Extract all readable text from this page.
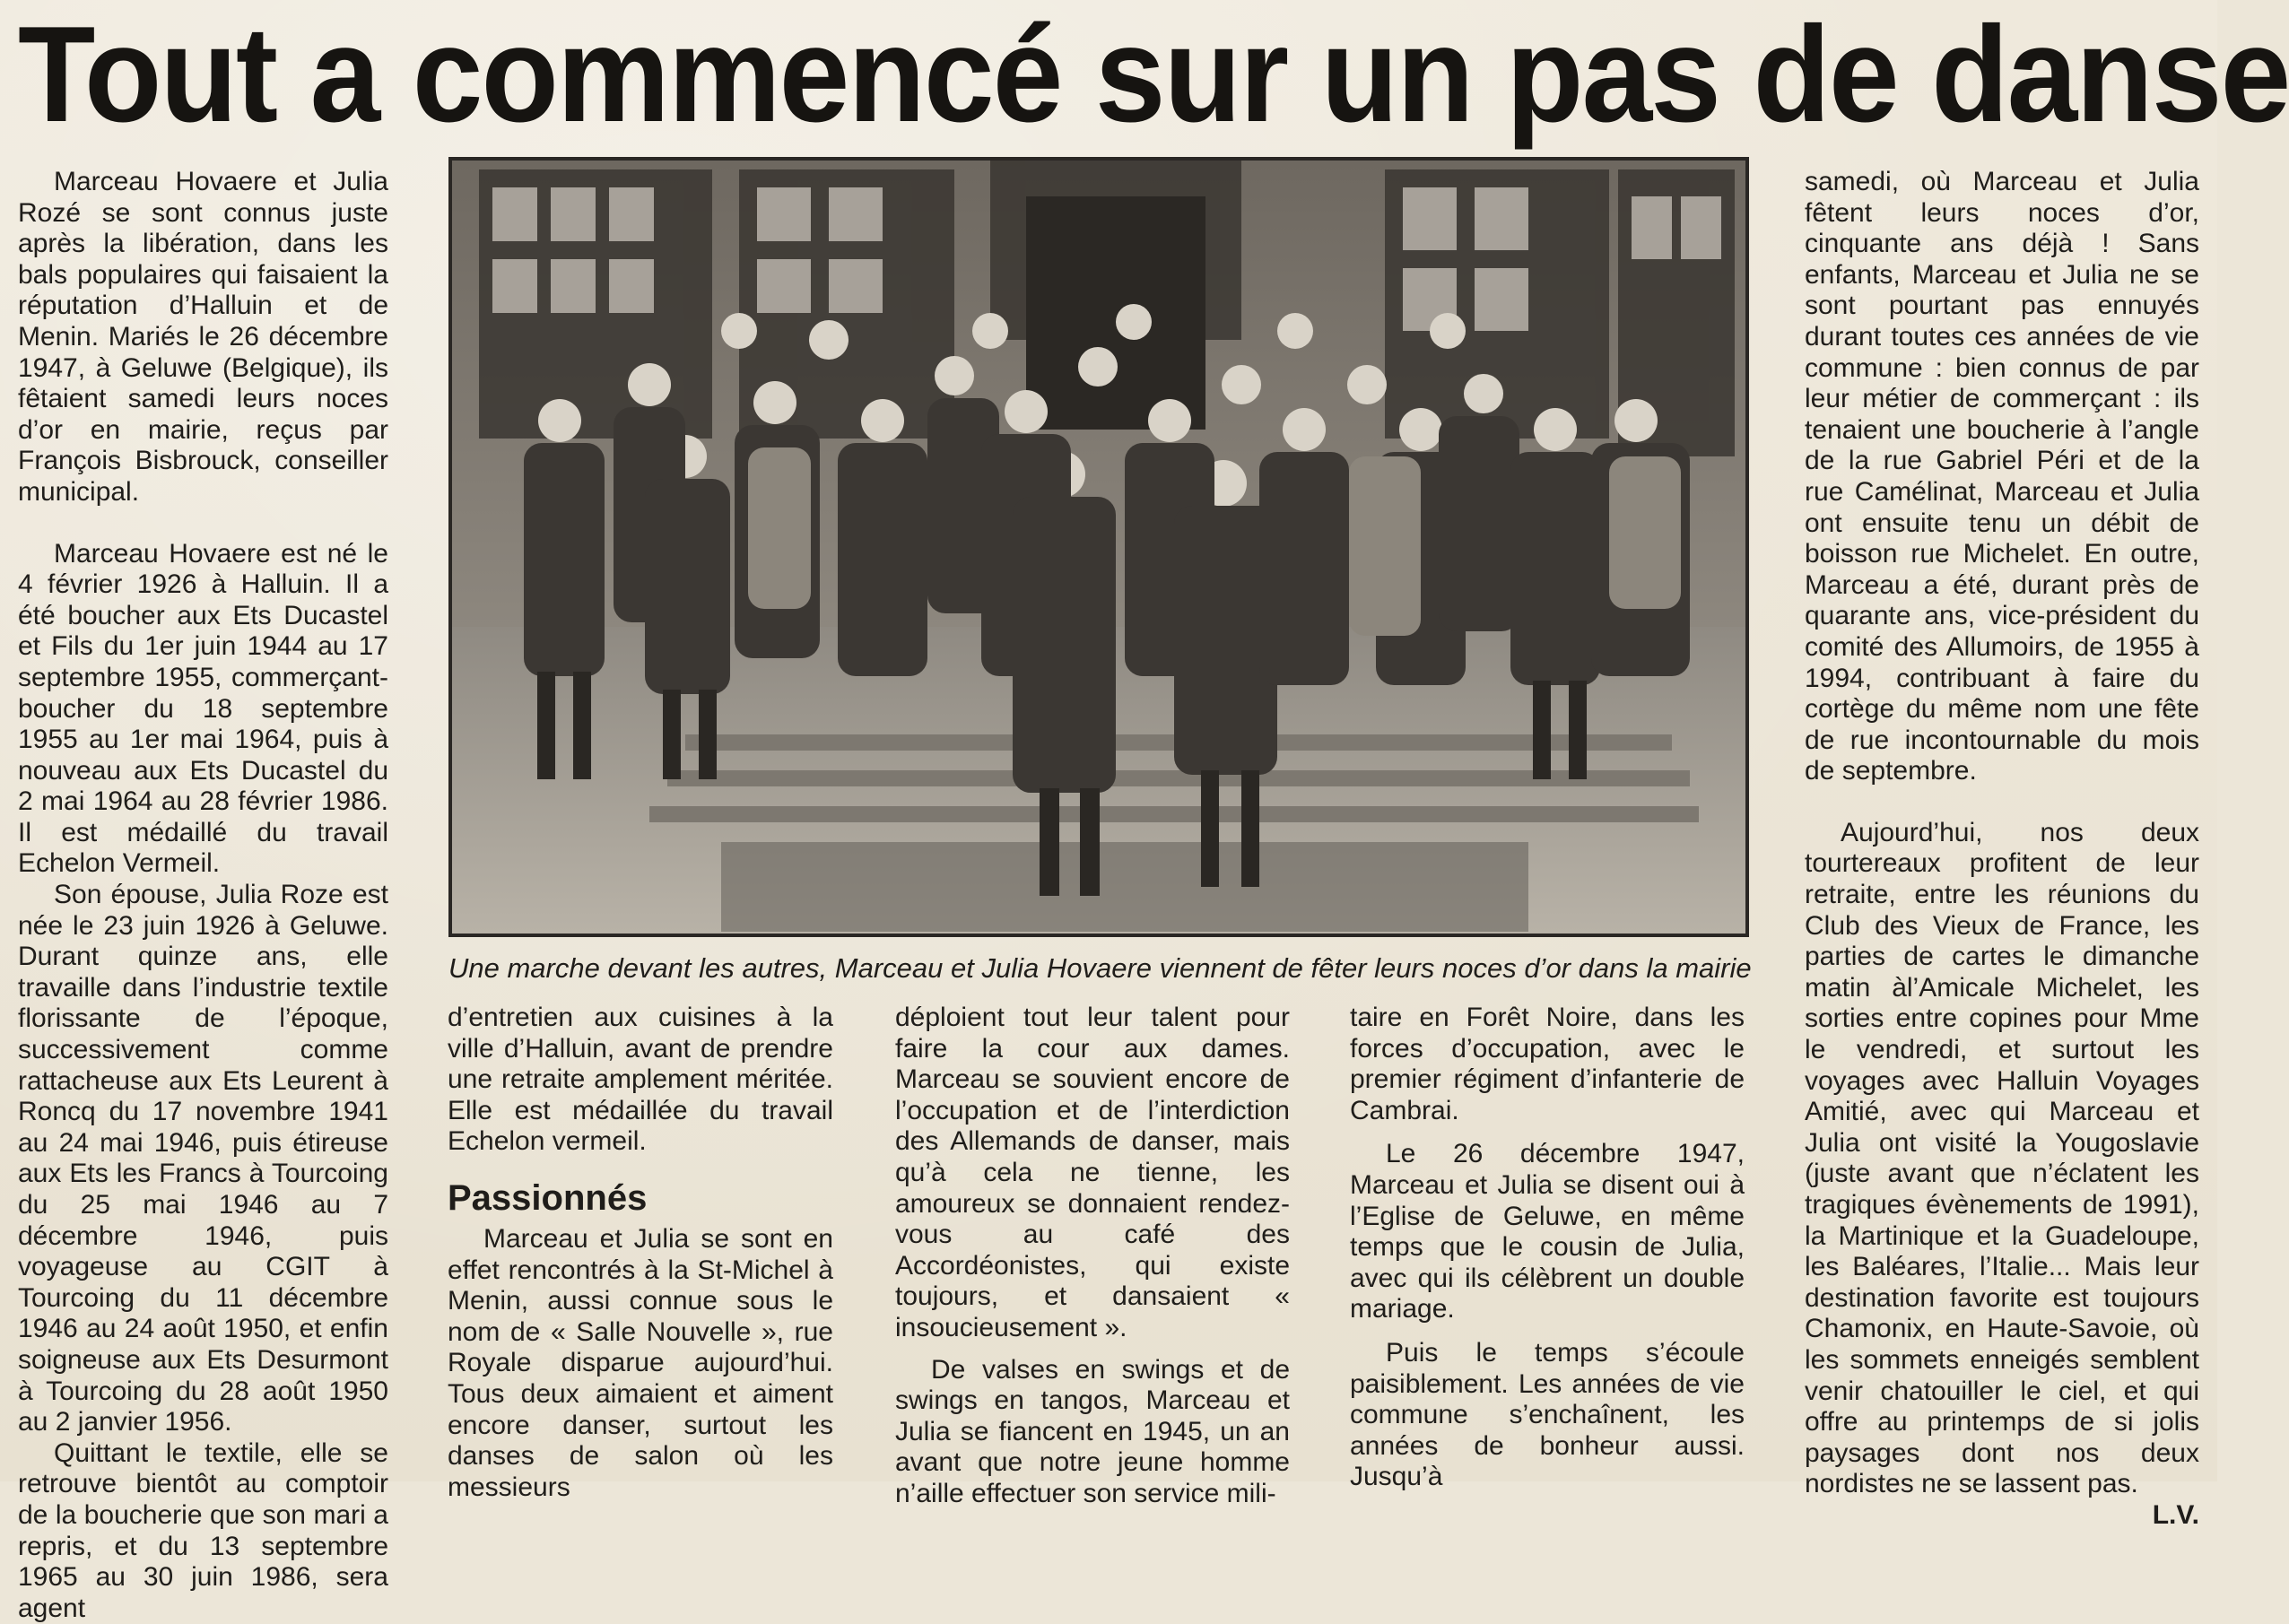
Tout a commencé sur un pas de danse

Marceau Hovaere et Julia Rozé se sont connus juste après la libération, dans les bals populaires qui faisaient la réputation d’Halluin et de Menin. Mariés le 26 décembre 1947, à Geluwe (Belgique), ils fêtaient samedi leurs noces d’or en mairie, reçus par François Bisbrouck, conseiller municipal.

Marceau Hovaere est né le 4 février 1926 à Halluin. Il a été boucher aux Ets Ducastel et Fils du 1er juin 1944 au 17 septembre 1955, commerçant-boucher du 18 septembre 1955 au 1er mai 1964, puis à nouveau aux Ets Ducastel du 2 mai 1964 au 28 février 1986. Il est médaillé du travail Echelon Vermeil.

Son épouse, Julia Roze est née le 23 juin 1926 à Geluwe. Durant quinze ans, elle travaille dans l’industrie textile florissante de l’époque, successivement comme rattacheuse aux Ets Leurent à Roncq du 17 novembre 1941 au 24 mai 1946, puis étireuse aux Ets les Francs à Tourcoing du 25 mai 1946 au 7 décembre 1946, puis voyageuse au CGIT à Tourcoing du 11 décembre 1946 au 24 août 1950, et enfin soigneuse aux Ets Desurmont à Tourcoing du 28 août 1950 au 2 janvier 1956.

Quittant le textile, elle se retrouve bientôt au comptoir de la boucherie que son mari a repris, et du 13 septembre 1965 au 30 juin 1986, sera agent

Une marche devant les autres, Marceau et Julia Hovaere viennent de fêter leurs noces d’or dans la mairie

d’entretien aux cuisines à la ville d’Halluin, avant de prendre une retraite amplement méritée. Elle est médaillée du travail Echelon vermeil.

Passionnés

Marceau et Julia se sont en effet rencontrés à la St-Michel à Menin, aussi connue sous le nom de « Salle Nouvelle », rue Royale disparue aujourd’hui. Tous deux aimaient et aiment encore danser, surtout les danses de salon où les messieurs

déploient tout leur talent pour faire la cour aux dames. Marceau se souvient encore de l’occupation et de l’interdiction des Allemands de danser, mais qu’à cela ne tienne, les amoureux se donnaient rendez-vous au café des Accordéonistes, qui existe toujours, et dansaient « insoucieusement ».

De valses en swings et de swings en tangos, Marceau et Julia se fiancent en 1945, un an avant que notre jeune homme n’aille effectuer son service mili-

taire en Forêt Noire, dans les forces d’occupation, avec le premier régiment d’infanterie de Cambrai.

Le 26 décembre 1947, Marceau et Julia se disent oui à l’Eglise de Geluwe, en même temps que le cousin de Julia, avec qui ils célèbrent un double mariage.

Puis le temps s’écoule paisiblement. Les années de vie commune s’enchaînent, les années de bonheur aussi. Jusqu’à

samedi, où Marceau et Julia fêtent leurs noces d’or, cinquante ans déjà ! Sans enfants, Marceau et Julia ne se sont pourtant pas ennuyés durant toutes ces années de vie commune : bien connus de par leur métier de commerçant : ils tenaient une boucherie à l’angle de la rue Gabriel Péri et de la rue Camélinat, Marceau et Julia ont ensuite tenu un débit de boisson rue Michelet. En outre, Marceau a été, durant près de quarante ans, vice-président du comité des Allumoirs, de 1955 à 1994, contribuant à faire du cortège du même nom une fête de rue incontournable du mois de septembre.

Aujourd’hui, nos deux tourtereaux profitent de leur retraite, entre les réunions du Club des Vieux de France, les parties de cartes le dimanche matin àl’Amicale Michelet, les sorties entre copines pour Mme le vendredi, et surtout les voyages avec Halluin Voyages Amitié, avec qui Marceau et Julia ont visité la Yougoslavie (juste avant que n’éclatent les tragiques évènements de 1991), la Martinique et la Guadeloupe, les Baléares, l’Italie... Mais leur destination favorite est toujours Chamonix, en Haute-Savoie, où les sommets enneigés semblent venir chatouiller le ciel, et qui offre au printemps de si jolis paysages dont nos deux nordistes ne se lassent pas.

L.V.
